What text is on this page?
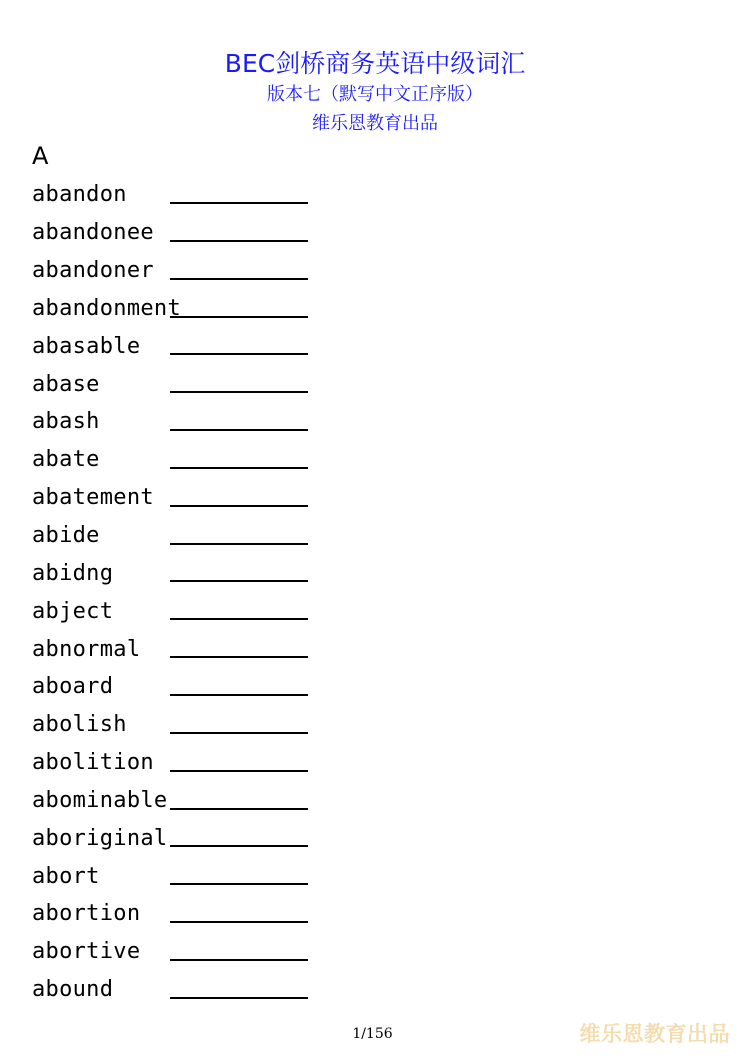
BEC剑桥商务英语中级词汇
版本七（默写中文正序版）
维乐恩教育出品
A
abandon
abandonee
abandoner
abandonment
abasable
abase
abash
abate
abatement
abide
abidng
abject
abnormal
aboard
abolish
abolition
abominable
aboriginal
abort
abortion
abortive
abound
1/156	维乐恩教育出品
